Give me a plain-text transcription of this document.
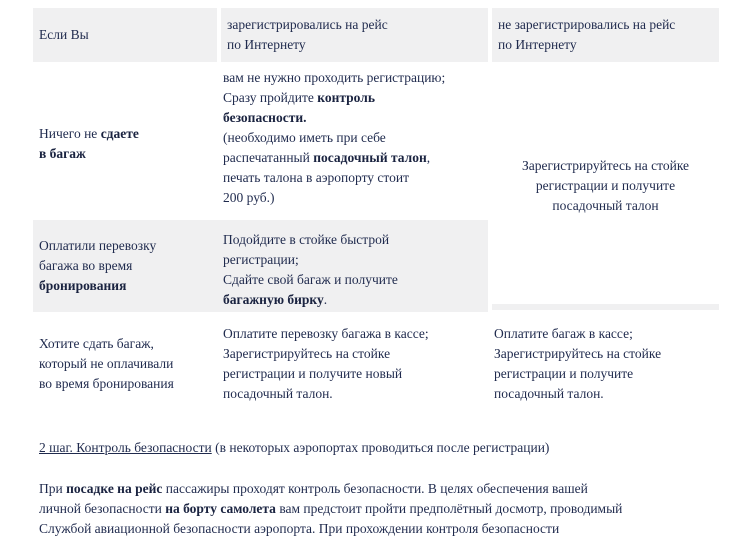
Если Вы
зарегистрировались на рейс
по Интернету
не зарегистрировались на рейс
по Интернету
Ничего не сдаете
в багаж
вам не нужно проходить регистрацию;
Сразу пройдите контроль
безопасности.
(необходимо иметь при себе
распечатанный посадочный талон,
печать талона в аэропорту стоит
200 руб.)
Оплатили перевозку
багажа во время
бронирования
Подойдите в стойке быстрой
регистрации;
Сдайте свой багаж и получите
багажную бирку.
Зарегистрируйтесь на стойке
регистрации и получите
посадочный талон
Хотите сдать багаж,
который не оплачивали
во время бронирования
Оплатите перевозку багажа в кассе;
Зарегистрируйтесь на стойке
регистрации и получите новый
посадочный талон.
Оплатите багаж в кассе;
Зарегистрируйтесь на стойке
регистрации и получите
посадочный талон.
2 шаг. Контроль безопасности (в некоторых аэропортах проводиться после регистрации)
При посадке на рейс пассажиры проходят контроль безопасности. В целях обеспечения вашей
личной безопасности на борту самолета вам предстоит пройти предполётный досмотр, проводимый
Службой авиационной безопасности аэропорта. При прохождении контроля безопасности
